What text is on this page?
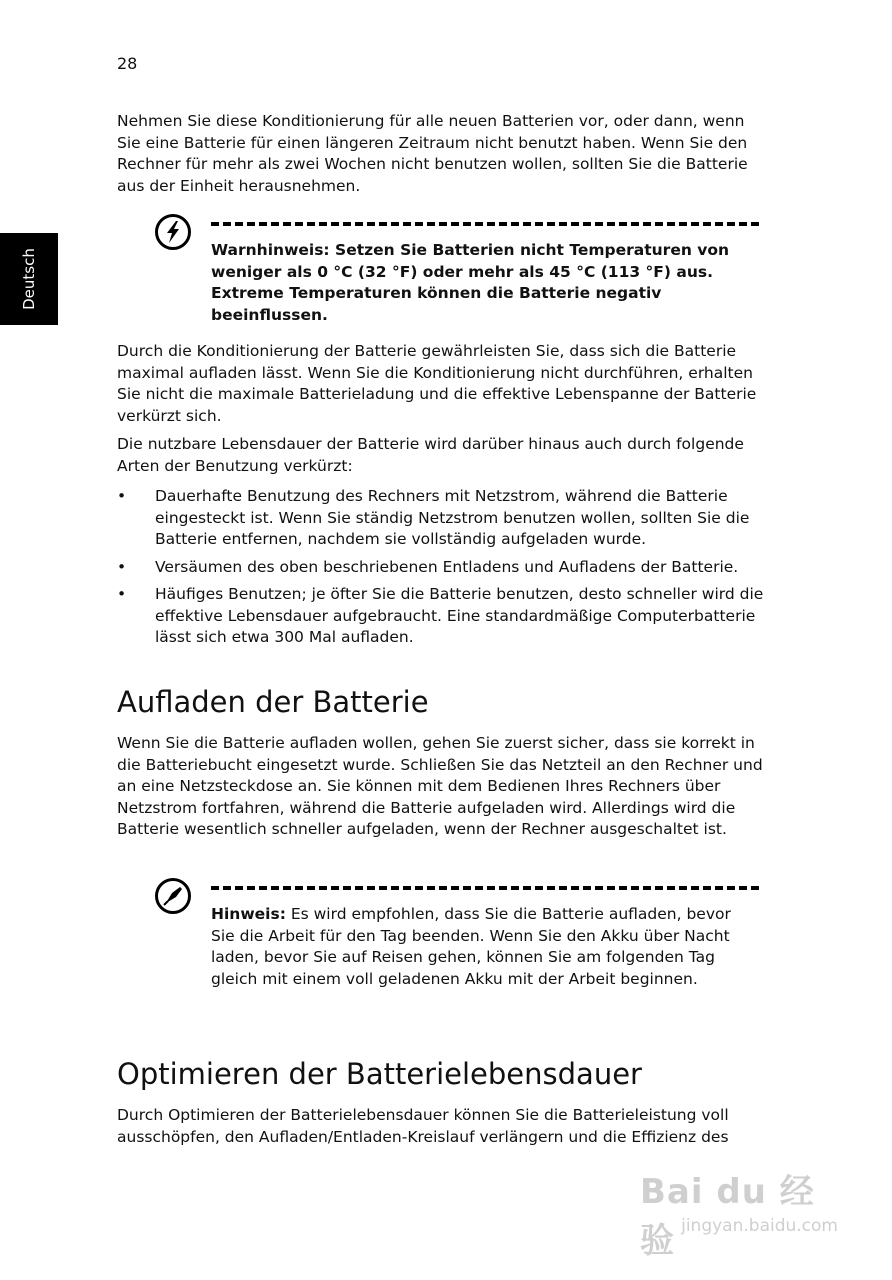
28
Deutsch

Nehmen Sie diese Konditionierung für alle neuen Batterien vor, oder dann, wenn Sie eine Batterie für einen längeren Zeitraum nicht benutzt haben. Wenn Sie den Rechner für mehr als zwei Wochen nicht benutzen wollen, sollten Sie die Batterie aus der Einheit herausnehmen.

Warnhinweis: Setzen Sie Batterien nicht Temperaturen von weniger als 0 °C (32 °F) oder mehr als 45 °C (113 °F) aus. Extreme Temperaturen können die Batterie negativ beeinflussen.

Durch die Konditionierung der Batterie gewährleisten Sie, dass sich die Batterie maximal aufladen lässt. Wenn Sie die Konditionierung nicht durchführen, erhalten Sie nicht die maximale Batterieladung und die effektive Lebenspanne der Batterie verkürzt sich.

Die nutzbare Lebensdauer der Batterie wird darüber hinaus auch durch folgende Arten der Benutzung verkürzt:

• Dauerhafte Benutzung des Rechners mit Netzstrom, während die Batterie eingesteckt ist. Wenn Sie ständig Netzstrom benutzen wollen, sollten Sie die Batterie entfernen, nachdem sie vollständig aufgeladen wurde.
• Versäumen des oben beschriebenen Entladens und Aufladens der Batterie.
• Häufiges Benutzen; je öfter Sie die Batterie benutzen, desto schneller wird die effektive Lebensdauer aufgebraucht. Eine standardmäßige Computerbatterie lässt sich etwa 300 Mal aufladen.
Aufladen der Batterie

Wenn Sie die Batterie aufladen wollen, gehen Sie zuerst sicher, dass sie korrekt in die Batteriebucht eingesetzt wurde. Schließen Sie das Netzteil an den Rechner und an eine Netzsteckdose an. Sie können mit dem Bedienen Ihres Rechners über Netzstrom fortfahren, während die Batterie aufgeladen wird. Allerdings wird die Batterie wesentlich schneller aufgeladen, wenn der Rechner ausgeschaltet ist.

Hinweis: Es wird empfohlen, dass Sie die Batterie aufladen, bevor Sie die Arbeit für den Tag beenden. Wenn Sie den Akku über Nacht laden, bevor Sie auf Reisen gehen, können Sie am folgenden Tag gleich mit einem voll geladenen Akku mit der Arbeit beginnen.
Optimieren der Batterielebensdauer

Durch Optimieren der Batterielebensdauer können Sie die Batterieleistung voll ausschöpfen, den Aufladen/Entladen-Kreislauf verlängern und die Effizienz des

Bai du 经验 jingyan.baidu.com
